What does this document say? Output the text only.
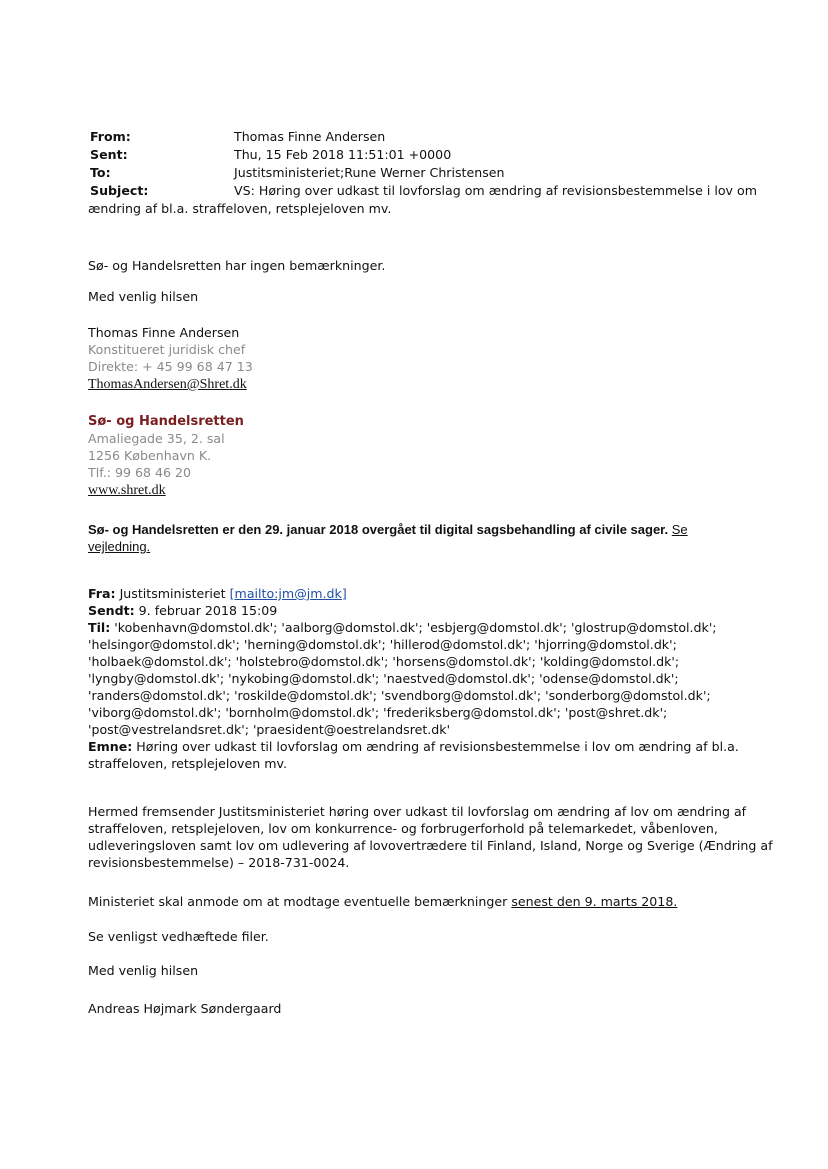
From:	Thomas Finne Andersen
Sent:	Thu, 15 Feb 2018 11:51:01 +0000
To:	Justitsministeriet;Rune Werner Christensen
Subject:	VS: Høring over udkast til lovforslag om ændring af revisionsbestemmelse i lov om
ændring af bl.a. straffeloven, retsplejeloven mv.
Sø- og Handelsretten har ingen bemærkninger.
Med venlig hilsen
Thomas Finne Andersen
Konstitueret juridisk chef
Direkte: + 45 99 68 47 13
ThomasAndersen@Shret.dk
Sø- og Handelsretten
Amaliegade 35, 2. sal
1256 København K.
Tlf.: 99 68 46 20
www.shret.dk
Sø- og Handelsretten er den 29. januar 2018 overgået til digital sagsbehandling af civile sager. Se
vejledning.
Fra: Justitsministeriet [mailto:jm@jm.dk]
Sendt: 9. februar 2018 15:09
Til: 'kobenhavn@domstol.dk'; 'aalborg@domstol.dk'; 'esbjerg@domstol.dk'; 'glostrup@domstol.dk';
'helsingor@domstol.dk'; 'herning@domstol.dk'; 'hillerod@domstol.dk'; 'hjorring@domstol.dk';
'holbaek@domstol.dk'; 'holstebro@domstol.dk'; 'horsens@domstol.dk'; 'kolding@domstol.dk';
'lyngby@domstol.dk'; 'nykobing@domstol.dk'; 'naestved@domstol.dk'; 'odense@domstol.dk';
'randers@domstol.dk'; 'roskilde@domstol.dk'; 'svendborg@domstol.dk'; 'sonderborg@domstol.dk';
'viborg@domstol.dk'; 'bornholm@domstol.dk'; 'frederiksberg@domstol.dk'; 'post@shret.dk';
'post@vestrelandsret.dk'; 'praesident@oestrelandsret.dk'
Emne: Høring over udkast til lovforslag om ændring af revisionsbestemmelse i lov om ændring af bl.a.
straffeloven, retsplejeloven mv.
Hermed fremsender Justitsministeriet høring over udkast til lovforslag om ændring af lov om ændring af
straffeloven, retsplejeloven, lov om konkurrence- og forbrugerforhold på telemarkedet, våbenloven,
udleveringsloven samt lov om udlevering af lovovertrædere til Finland, Island, Norge og Sverige (Ændring af
revisionsbestemmelse) – 2018-731-0024.
Ministeriet skal anmode om at modtage eventuelle bemærkninger senest den 9. marts 2018.
Se venligst vedhæftede filer.
Med venlig hilsen
Andreas Højmark Søndergaard
